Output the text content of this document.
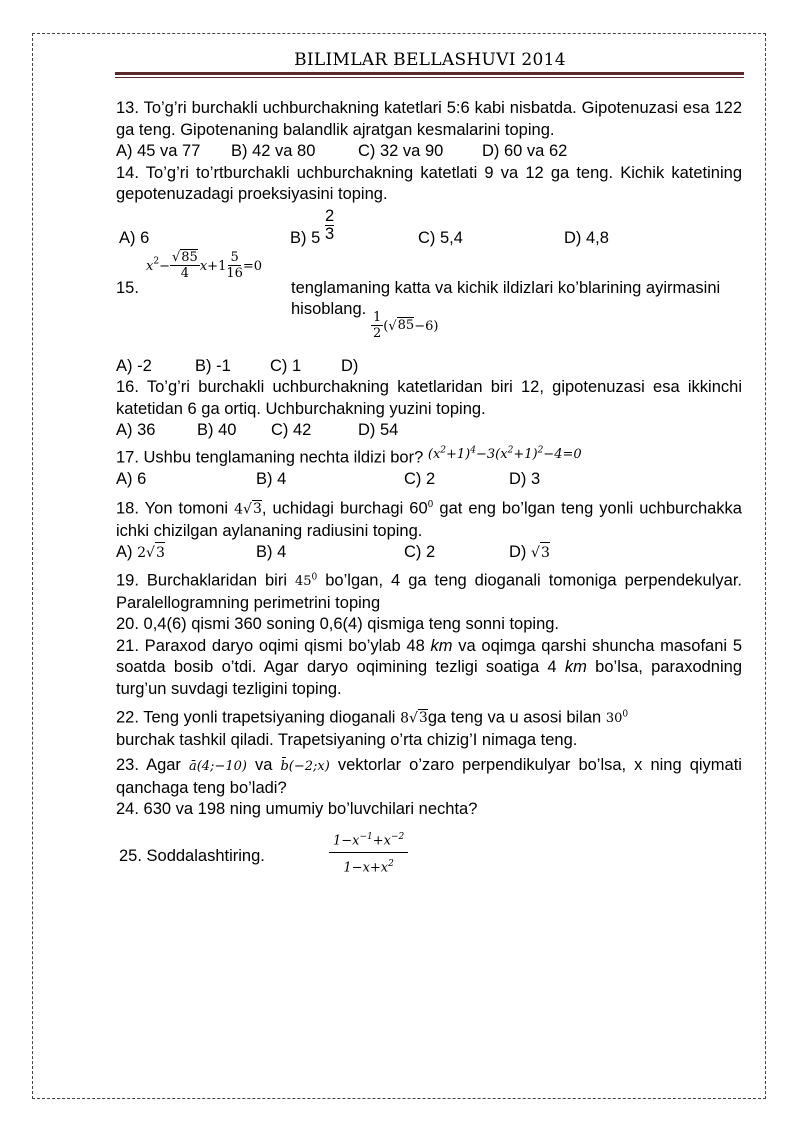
BILIMLAR BELLASHUVI 2014

13. To’g’ri burchakli uchburchakning katetlari 5:6 kabi nisbatda. Gipotenuzasi esa 122 ga teng. Gipotenaning balandlik ajratgan kesmalarini toping.

A) 45 va 77	B) 42 va 80	C) 32 va 90	D) 60 va 62

14. To’g’ri to’rtburchakli uchburchakning katetlati 9 va 12 ga teng. Kichik katetining gepotenuzadagi proeksiyasini toping.

A) 6	B) 5
2
3	C) 5,4	D) 4,8
15.
$x^2- \frac{√85}{4} x+1 \frac{5}{16} =0$
tenglamaning katta va kichik ildizlari ko’blarining ayirmasini hisoblang.
$\frac{1}{2} (√85-6)$
A) -2	B) -1	C) 1	D)

16. To’g’ri burchakli uchburchakning katetlaridan biri 12, gipotenuzasi esa ikkinchi katetidan 6 ga ortiq. Uchburchakning yuzini toping.

A) 36	B) 40	C) 42	D) 54
17. Ushbu tenglamaning nechta ildizi bor? $^{(x^2+1)^4-3(x^2+1)^2-4=0}$
A) 6	B) 4	C) 2	D) 3

18. Yon tomoni 4√3, uchidagi burchagi $60^0$ gat eng bo’lgan teng yonli uchburchakka ichki chizilgan aylananing radiusini toping.

A) 2√3	B) 4	C) 2	D) √3

19. Burchaklaridan biri $45^0$ bo’lgan, 4 ga teng dioganali tomoniga perpendekulyar. Paralellogramning perimetrini toping

20. 0,4(6) qismi 360 soning 0,6(4) qismiga teng sonni toping.

21. Paraxod daryo oqimi qismi bo’ylab 48 km va oqimga qarshi shuncha masofani 5 soatda bosib o’tdi. Agar daryo oqimining tezligi soatiga 4 km bo’lsa, paraxodning turg’un suvdagi tezligini toping.

22. Teng yonli trapetsiyaning dioganali 8√3ga teng va u asosi bilan $30^0$
burchak tashkil qiladi. Trapetsiyaning o’rta chizig’I nimaga teng.

23. Agar ā(4;−10) va b̄(−2;x) vektorlar o’zaro perpendikulyar bo’lsa, x ning qiymati qanchaga teng bo’ladi?

24. 630 va 198 ning umumiy bo’luvchilari nechta?

25. Soddalashtiring.	$\frac{1-x^{-1}+x^{-2}}{1-x+x^2}$
